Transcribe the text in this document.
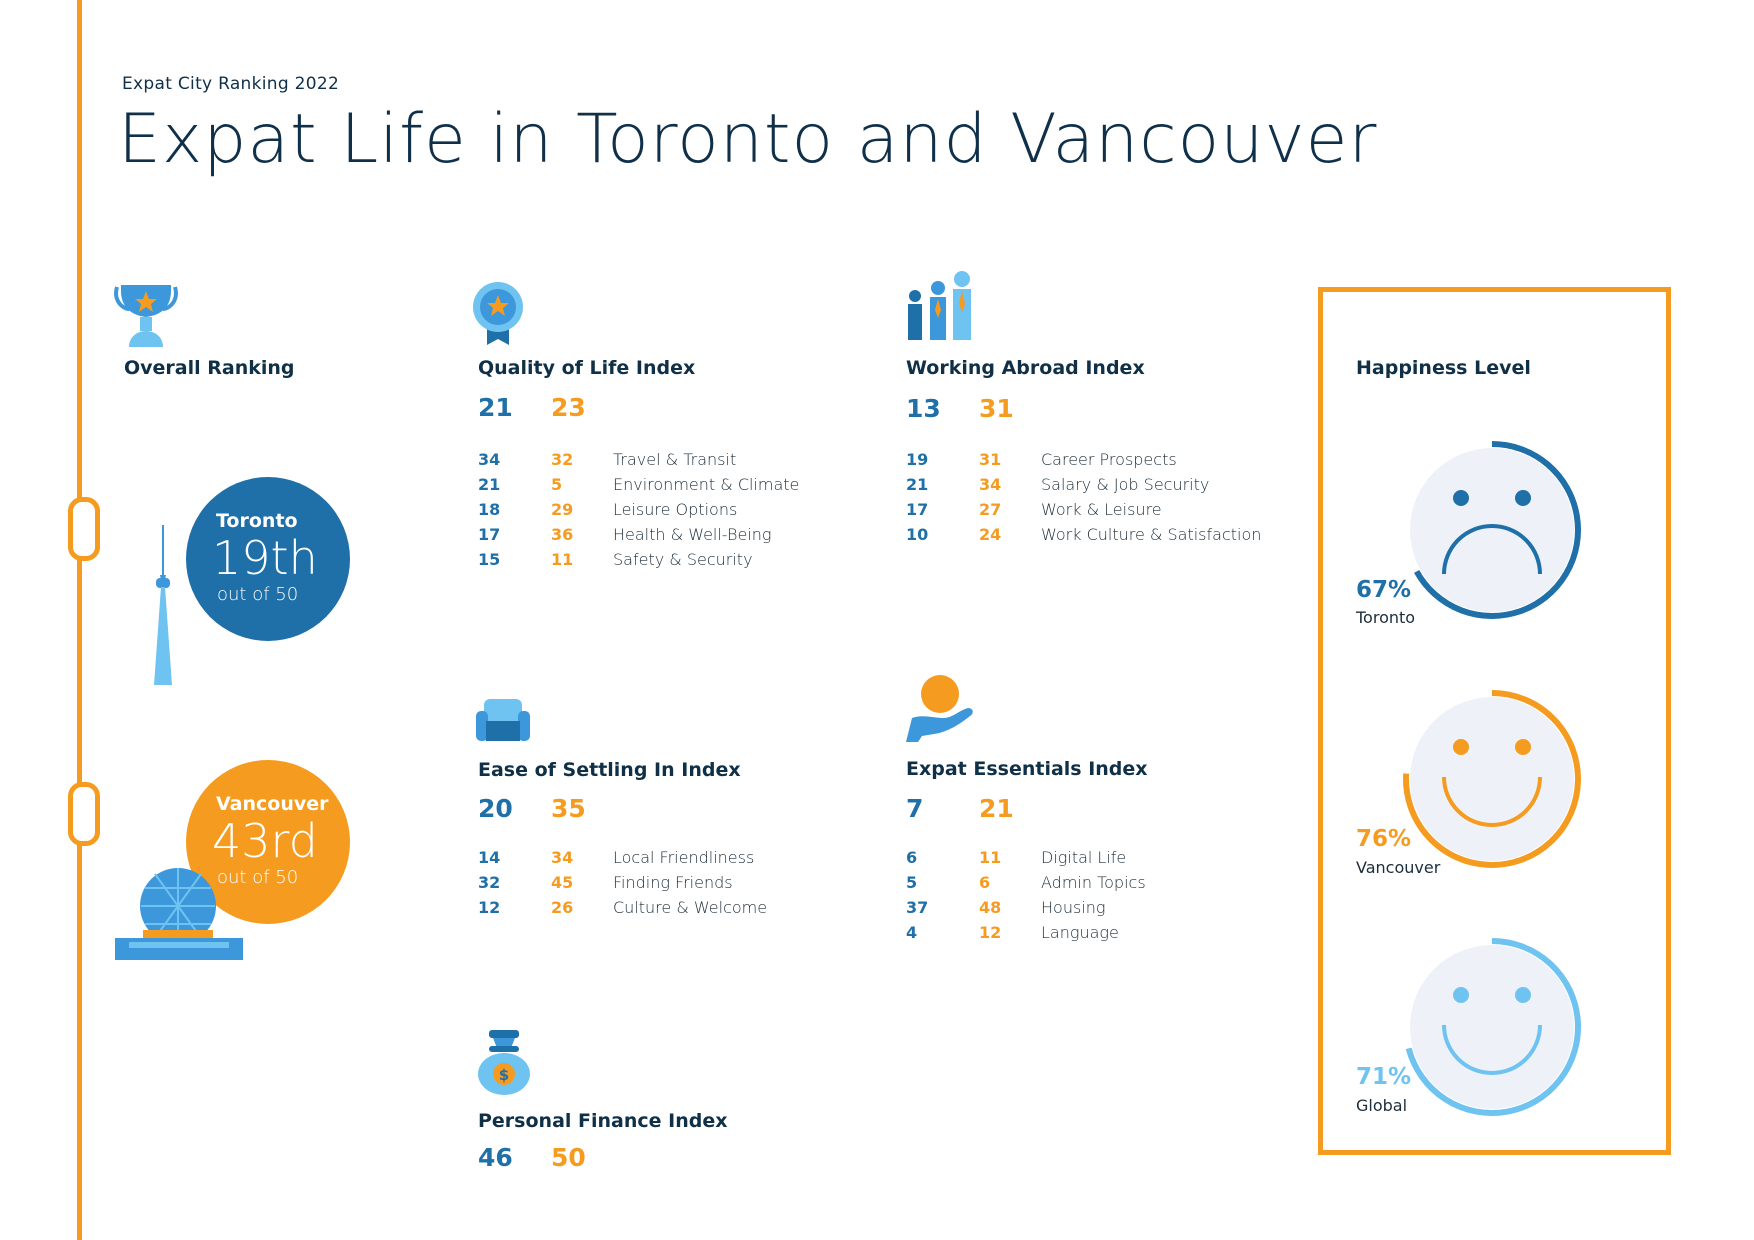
Expat City Ranking 2022
Expat Life in Toronto and Vancouver
Overall Ranking
Toronto
19th
out of 50
Vancouver
43rd
out of 50
Quality of Life Index
21 23
34	32 Travel & Transit
21	5	Environment & Climate
18	29 Leisure Options
17	36 Health & Well-Being
15	11 Safety & Security
Working Abroad Index
13 31
19	31 Career Prospects
21	34 Salary & Job Security
17	27 Work & Leisure
10	24 Work Culture & Satisfaction
Ease of Settling In Index
20 35
14	34 Local Friendliness
32	45 Finding Friends
12	26 Culture & Welcome
Expat Essentials Index
7 21
6	11 Digital Life
5	6	Admin Topics
37	48 Housing
4	12 Language
$
Personal Finance Index
46 50
Happiness Level
67%
Toronto
76%
Vancouver
71%
Global
